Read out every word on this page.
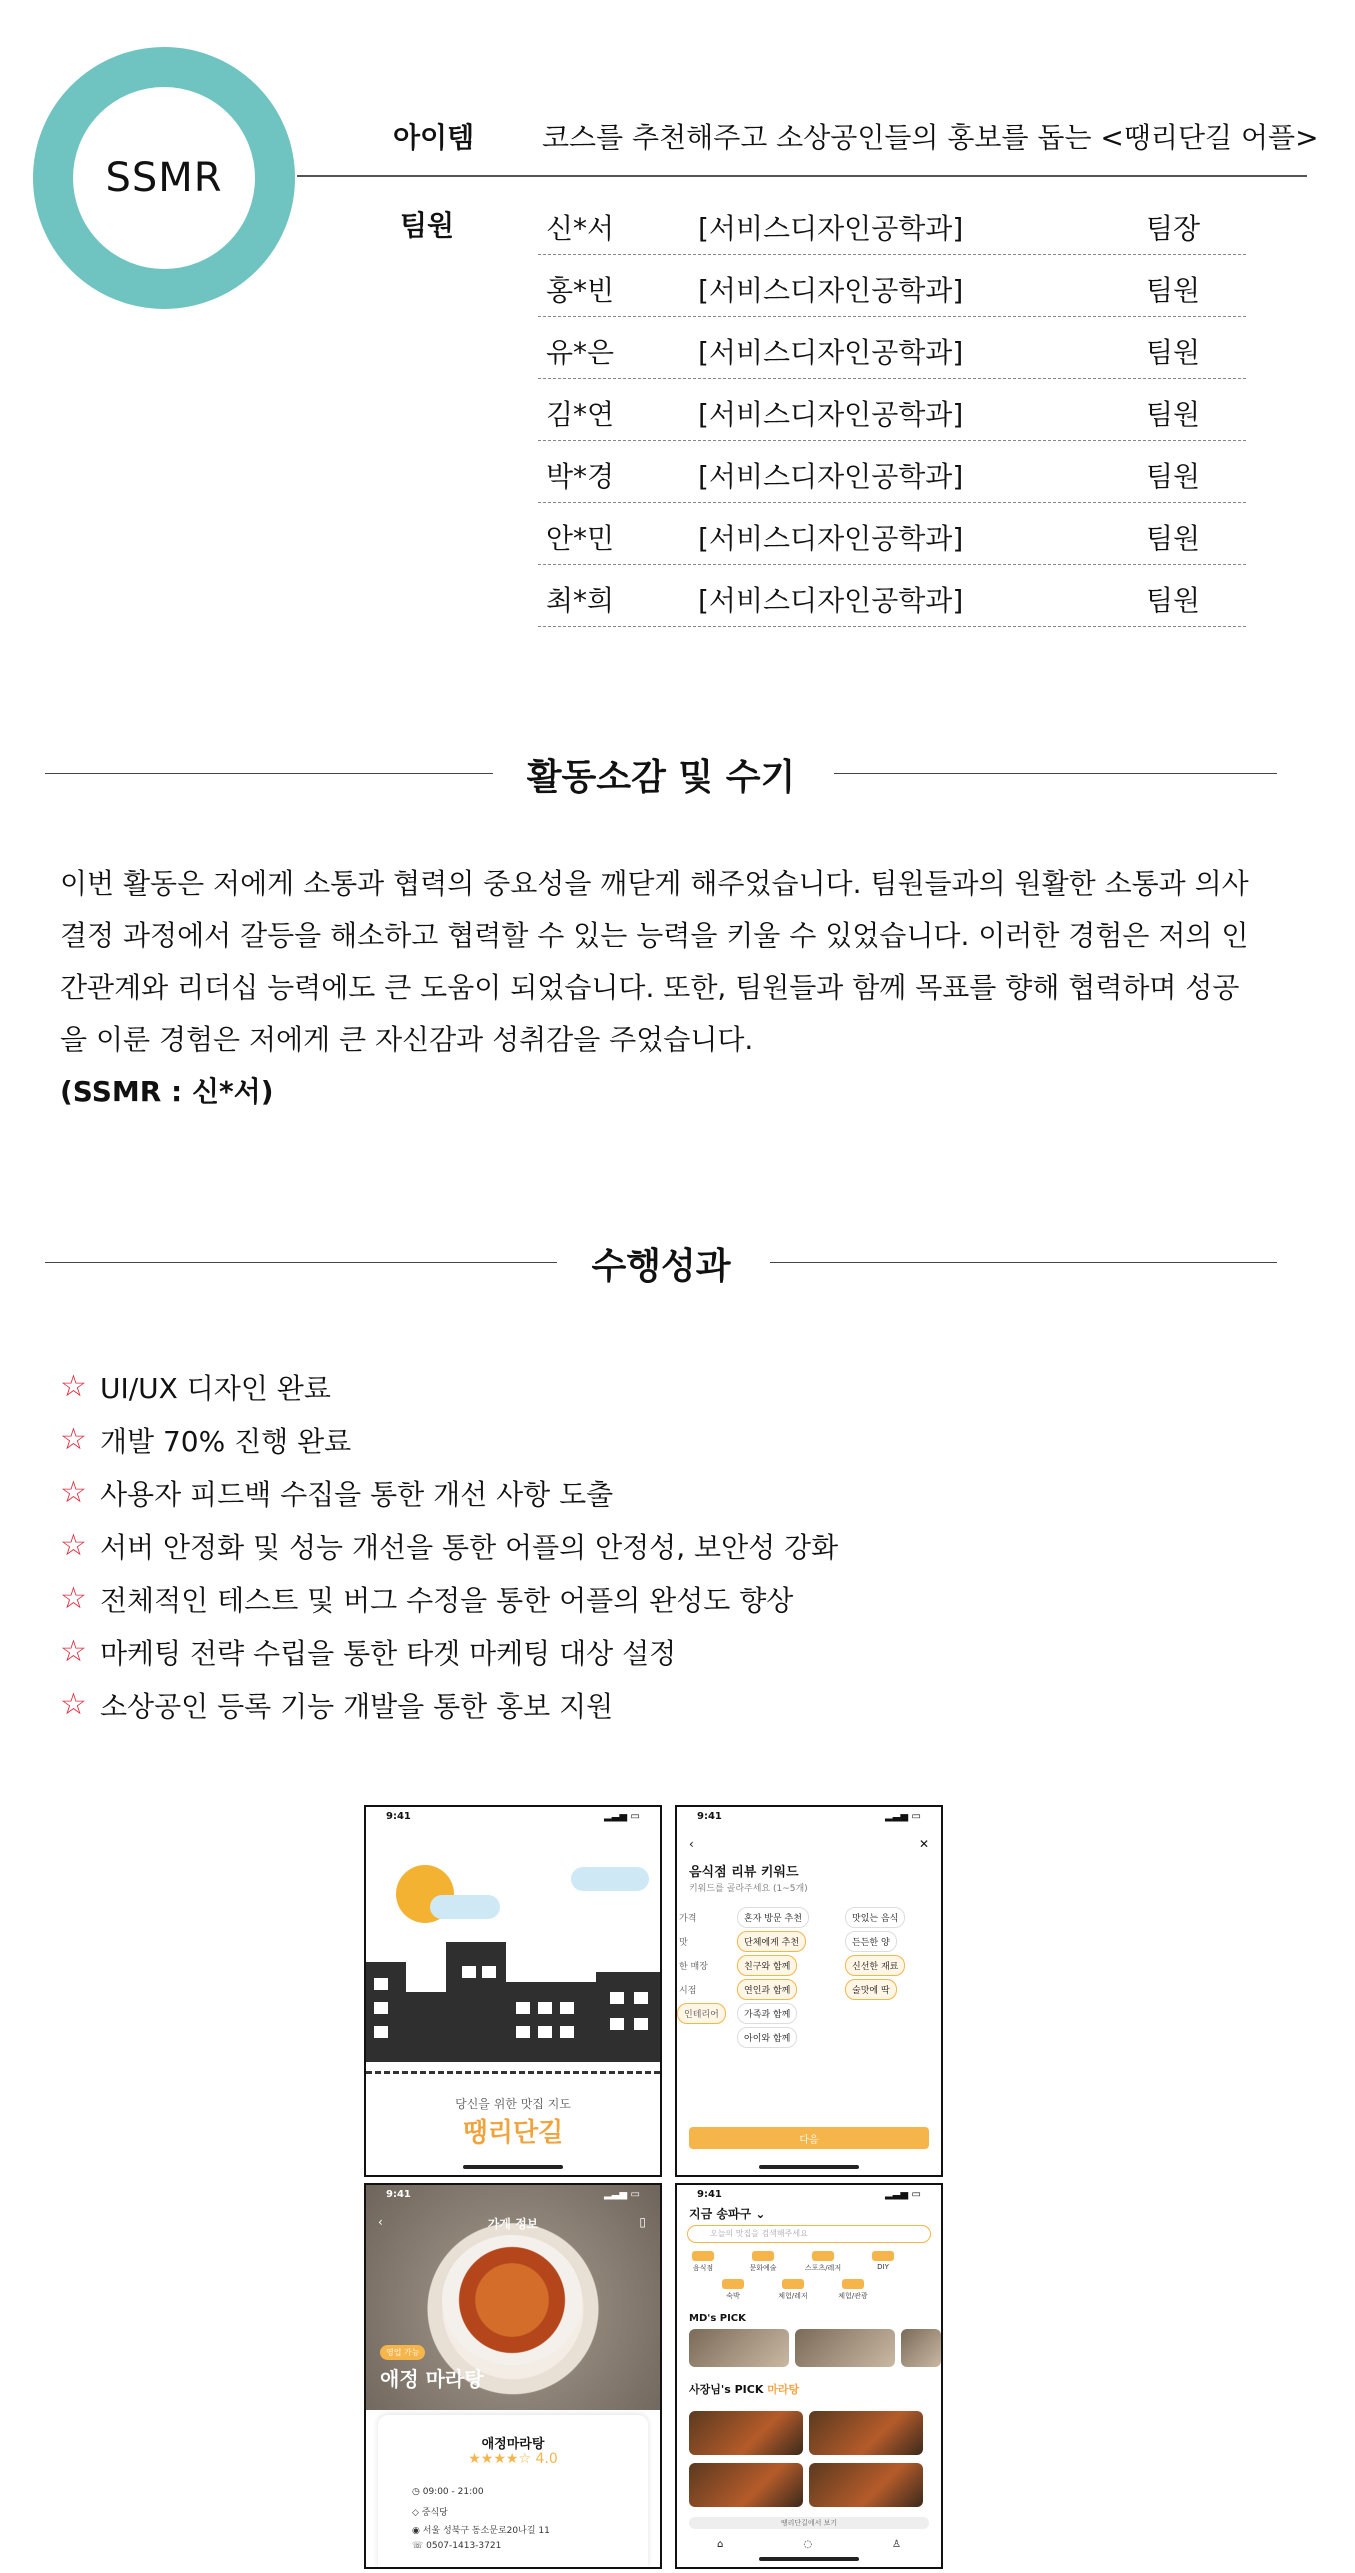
SSMR
아이템 코스를 추천해주고 소상공인들의 홍보를 돕는 <땡리단길 어플>
팀원	신*서	[서비스디자인공학과]	팀장
홍*빈	[서비스디자인공학과]	팀원
유*은	[서비스디자인공학과]	팀원
김*연	[서비스디자인공학과]	팀원
박*경	[서비스디자인공학과]	팀원
안*민	[서비스디자인공학과]	팀원
최*희	[서비스디자인공학과]	팀원
활동소감 및 수기
이번 활동은 저에게 소통과 협력의 중요성을 깨닫게 해주었습니다. 팀원들과의 원활한 소통과 의사결정 과정에서 갈등을 해소하고 협력할 수 있는 능력을 키울 수 있었습니다. 이러한 경험은 저의 인간관계와 리더십 능력에도 큰 도움이 되었습니다. 또한, 팀원들과 함께 목표를 향해 협력하며 성공을 이룬 경험은 저에게 큰 자신감과 성취감을 주었습니다.
(SSMR : 신*서)
수행성과
☆ UI/UX 디자인 완료
☆ 개발 70% 진행 완료
☆ 사용자 피드백 수집을 통한 개선 사항 도출
☆ 서버 안정화 및 성능 개선을 통한 어플의 안정성, 보안성 강화
☆ 전체적인 테스트 및 버그 수정을 통한 어플의 완성도 향상
☆ 마케팅 전략 수립을 통한 타겟 마케팅 대상 설정
☆ 소상공인 등록 기능 개발을 통한 홍보 지원
9:41	▂▃▅ ▭
당신을 위한 맛집 지도
땡리단길
9:41	▂▃▅ ▭
‹	✕
음식점 리뷰 키워드
키워드를 골라주세요 (1~5개)
가격	혼자 방문 추천	맛있는 음식
맛	단체에게 추천	든든한 양
한 매장	친구와 함께	신선한 재료
시점	연인과 함께	술맛에 딱
인테리어	가족과 함께
아이와 함께
다음
9:41	▂▃▅ ▭
‹	가게 정보	▯
영업 가능
애정 마라탕
애정마라탕
★★★★☆ 4.0
◷ 09:00 - 21:00
◇ 중식당
◉ 서울 성북구 동소문로20나길 11
☏ 0507-1413-3721
9:41	▂▃▅ ▭
지금 송파구 ⌄
오늘의 맛집을 검색해주세요
음식점	문화예술	스포츠/레저	DIY
숙박	체험/레저	체험/관광
MD's PICK
사장님's PICK 마라탕
땡리단길에서 보기
⌂	◌	♙
